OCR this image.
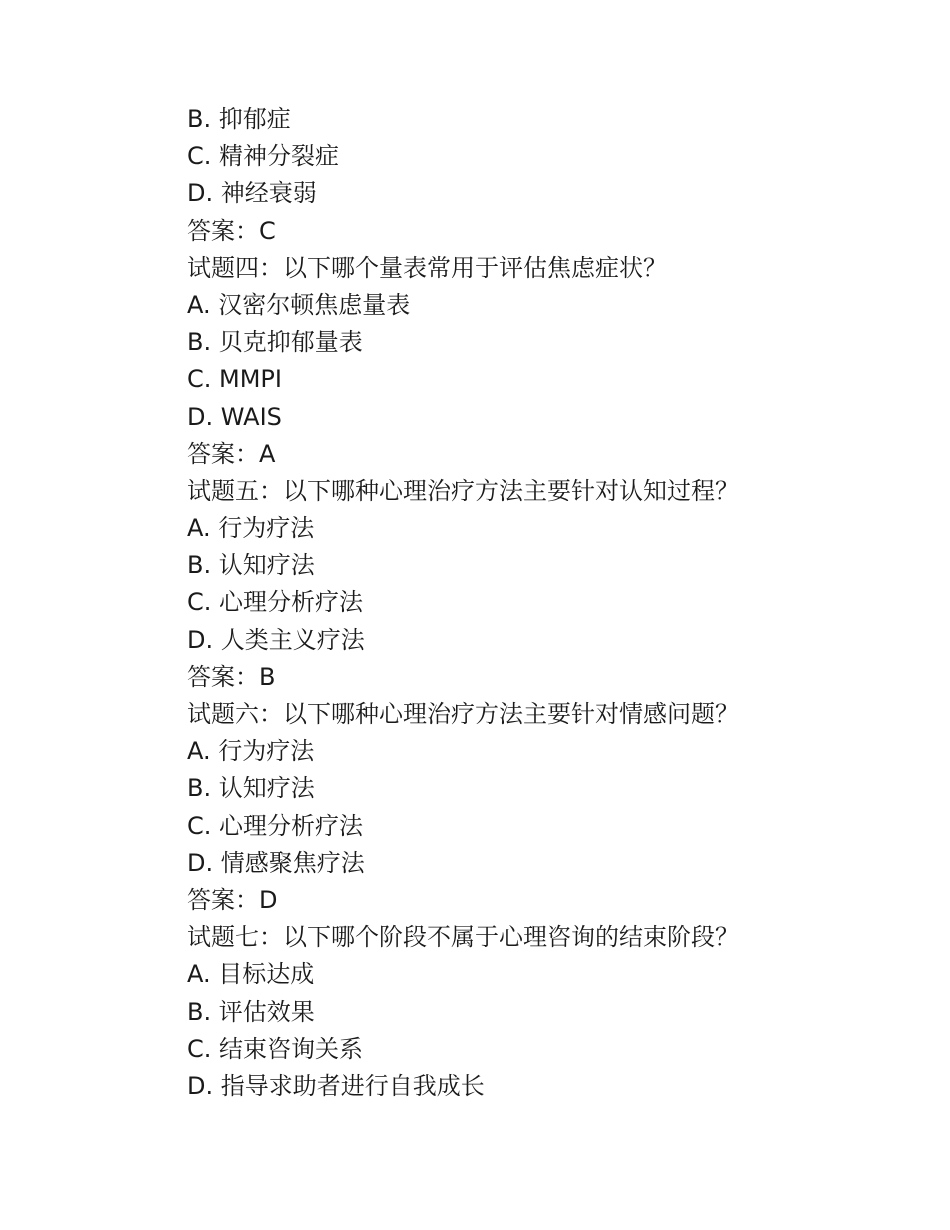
B. 抑郁症
C. 精神分裂症
D. 神经衰弱
答案：C
试题四：以下哪个量表常用于评估焦虑症状？
A. 汉密尔顿焦虑量表
B. 贝克抑郁量表
C. MMPI
D. WAIS
答案：A
试题五：以下哪种心理治疗方法主要针对认知过程？
A. 行为疗法
B. 认知疗法
C. 心理分析疗法
D. 人类主义疗法
答案：B
试题六：以下哪种心理治疗方法主要针对情感问题？
A. 行为疗法
B. 认知疗法
C. 心理分析疗法
D. 情感聚焦疗法
答案：D
试题七：以下哪个阶段不属于心理咨询的结束阶段？
A. 目标达成
B. 评估效果
C. 结束咨询关系
D. 指导求助者进行自我成长
